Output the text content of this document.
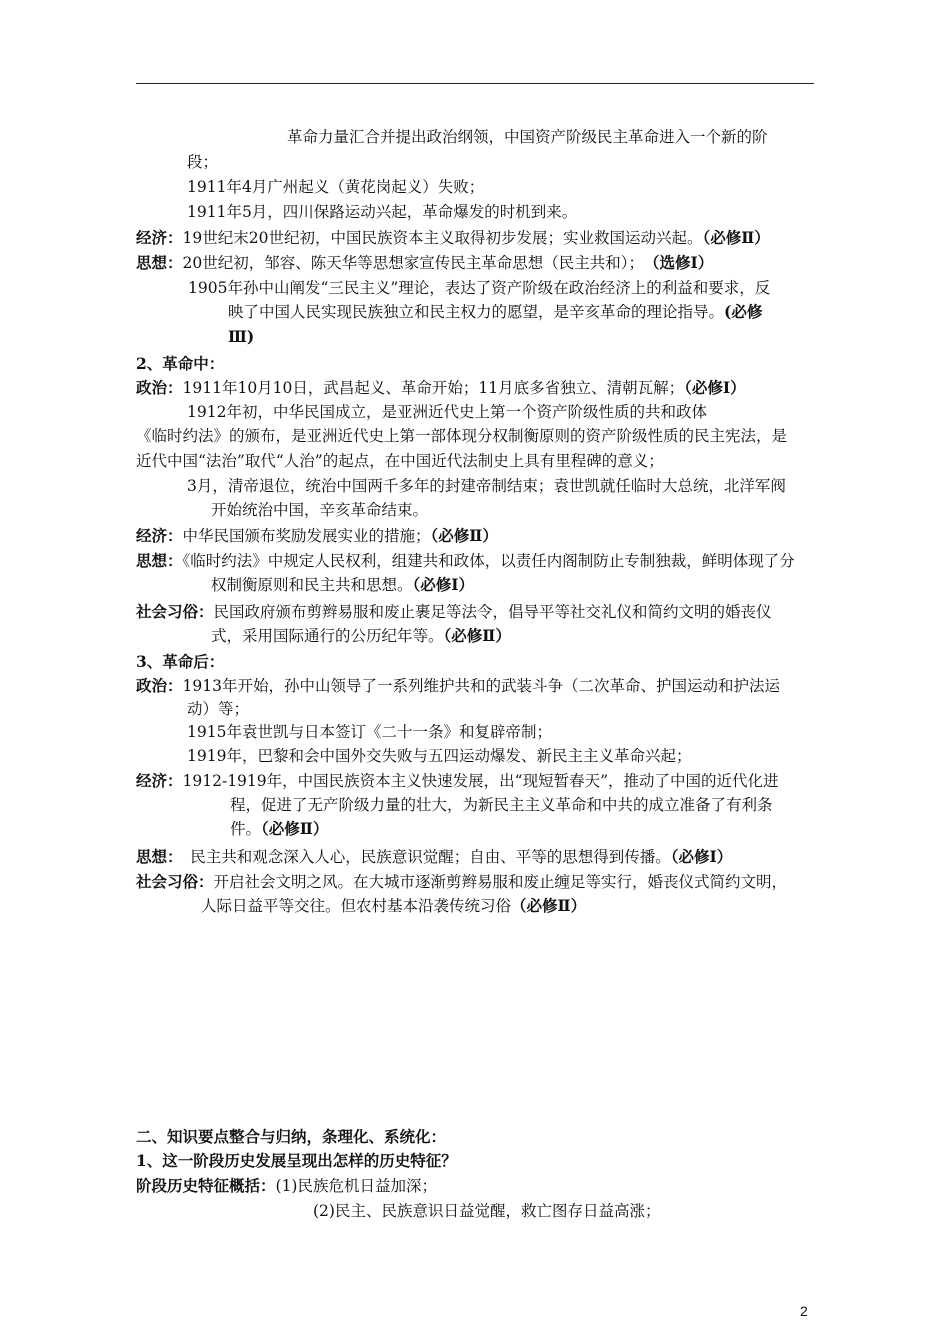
革命力量汇合并提出政治纲领，中国资产阶级民主革命进入一个新的阶
段；
1911年4月广州起义（黄花岗起义）失败；
1911年5月，四川保路运动兴起，革命爆发的时机到来。
经济：19世纪末20世纪初，中国民族资本主义取得初步发展；实业救国运动兴起。（必修Ⅱ）
思想：20世纪初，邹容、陈天华等思想家宣传民主革命思想（民主共和）；　（选修Ⅰ）
1905年孙中山阐发“三民主义”理论，表达了资产阶级在政治经济上的利益和要求，反
映了中国人民实现民族独立和民主权力的愿望，是辛亥革命的理论指导。(必修
Ⅲ)
2、革命中：
政治：1911年10月10日，武昌起义、革命开始；11月底多省独立、清朝瓦解；（必修Ⅰ）
1912年初，中华民国成立，是亚洲近代史上第一个资产阶级性质的共和政体
《临时约法》的颁布，是亚洲近代史上第一部体现分权制衡原则的资产阶级性质的民主宪法，是
近代中国“法治”取代“人治”的起点，在中国近代法制史上具有里程碑的意义；
3月，清帝退位，统治中国两千多年的封建帝制结束；袁世凯就任临时大总统，北洋军阀
开始统治中国，辛亥革命结束。
经济：中华民国颁布奖励发展实业的措施；（必修Ⅱ）
思想：《临时约法》中规定人民权利，组建共和政体，以责任内阁制防止专制独裁，鲜明体现了分
权制衡原则和民主共和思想。（必修Ⅰ）
社会习俗：民国政府颁布剪辫易服和废止裹足等法令，倡导平等社交礼仪和简约文明的婚丧仪
式，采用国际通行的公历纪年等。（必修Ⅱ）
3、革命后：
政治：1913年开始，孙中山领导了一系列维护共和的武装斗争（二次革命、护国运动和护法运
动）等；
1915年袁世凯与日本签订《二十一条》和复辟帝制；
1919年，巴黎和会中国外交失败与五四运动爆发、新民主主义革命兴起；
经济：1912-1919年，中国民族资本主义快速发展，出“现短暂春天”，推动了中国的近代化进
程，促进了无产阶级力量的壮大，为新民主主义革命和中共的成立准备了有利条
件。（必修Ⅱ）
思想：　民主共和观念深入人心，民族意识觉醒；自由、平等的思想得到传播。（必修Ⅰ）
社会习俗：开启社会文明之风。在大城市逐渐剪辫易服和废止缠足等实行，婚丧仪式简约文明，
人际日益平等交往。但农村基本沿袭传统习俗（必修Ⅱ）
二、知识要点整合与归纳，条理化、系统化：
1、这一阶段历史发展呈现出怎样的历史特征？
阶段历史特征概括：(1)民族危机日益加深；
(2)民主、民族意识日益觉醒，救亡图存日益高涨；
2
